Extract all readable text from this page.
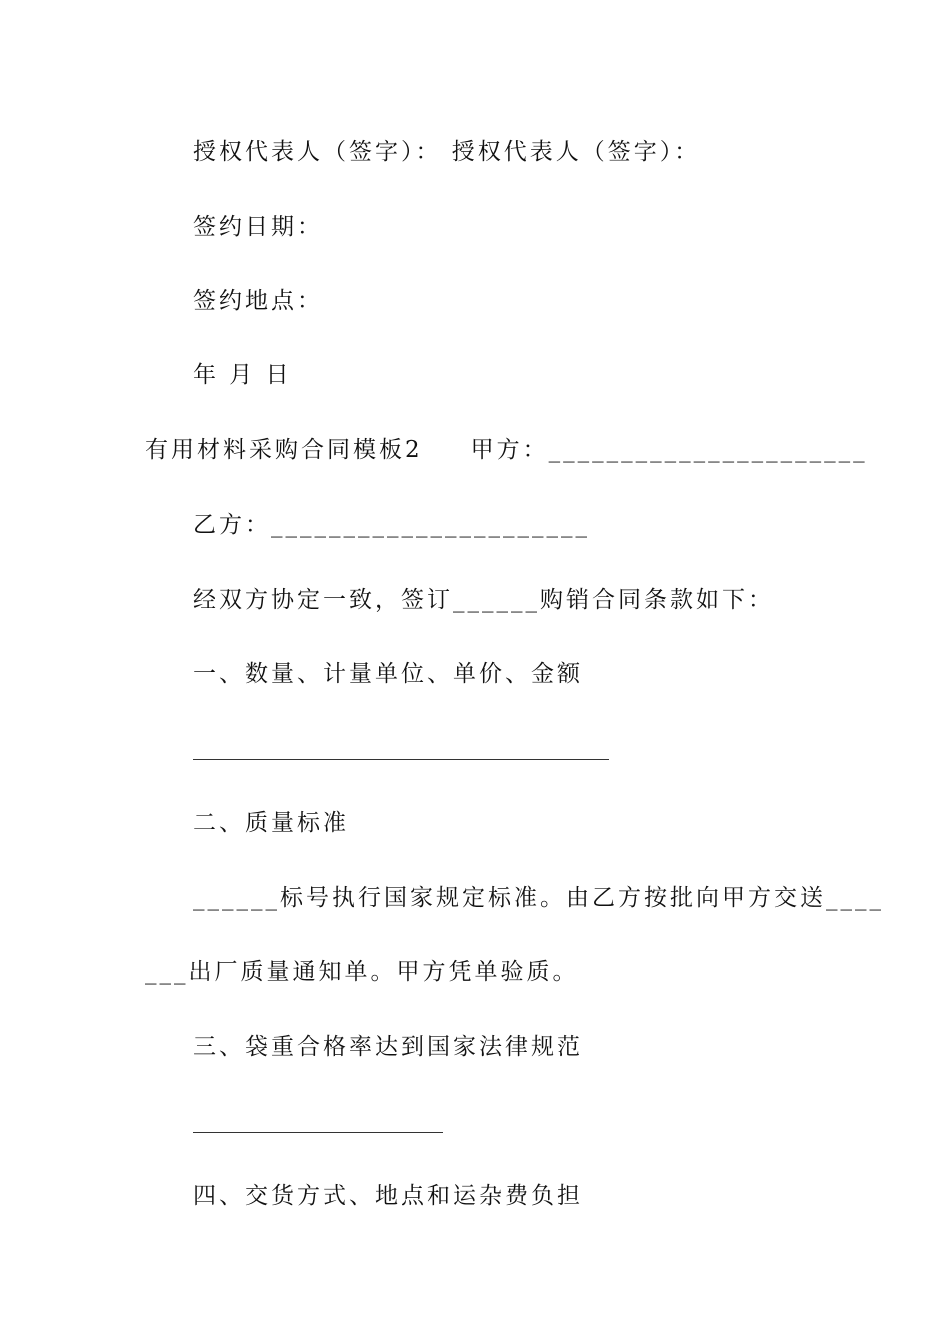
授权代表人（签字）： 授权代表人（签字）：
签约日期：
签约地点：
年 月 日
有用材料采购合同模板2 甲方：______________________
乙方：______________________
经双方协定一致，签订______购销合同条款如下：
一、数量、计量单位、单价、金额
二、质量标准
______标号执行国家规定标准。由乙方按批向甲方交送____
___出厂质量通知单。甲方凭单验质。
三、袋重合格率达到国家法律规范
四、交货方式、地点和运杂费负担
